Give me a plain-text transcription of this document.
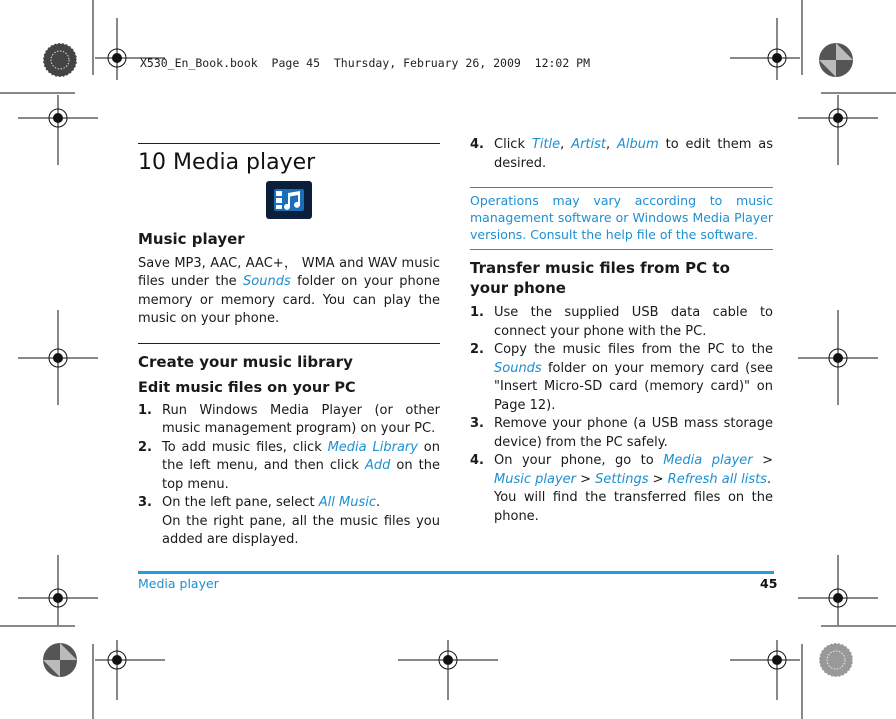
X530_En_Book.book  Page 45  Thursday, February 26, 2009  12:02 PM
10 Media player
Music player

Save MP3, AAC, AAC+， WMA and WAV music files under the Sounds folder on your phone memory or memory card. You can play the music on your phone.

Create your music library
Edit music files on your PC
1. Run Windows Media Player (or other music management program) on your PC.
2. To add music files, click Media Library on the left menu, and then click Add on the top menu.
3. On the left pane, select All Music.
On the right pane, all the music files you added are displayed.
4. Click Title, Artist, Album to edit them as desired.
Operations may vary according to music management software or Windows Media Player versions. Consult the help file of the software.
Transfer music files from PC to your phone
1. Use the supplied USB data cable to connect your phone with the PC.
2. Copy the music files from the PC to the Sounds folder on your memory card (see "Insert Micro-SD card (memory card)" on Page 12).
3. Remove your phone (a USB mass storage device) from the PC safely.
4. On your phone, go to Media player > Music player > Settings > Refresh all lists.
You will find the transferred files on the phone.
Media player	45
